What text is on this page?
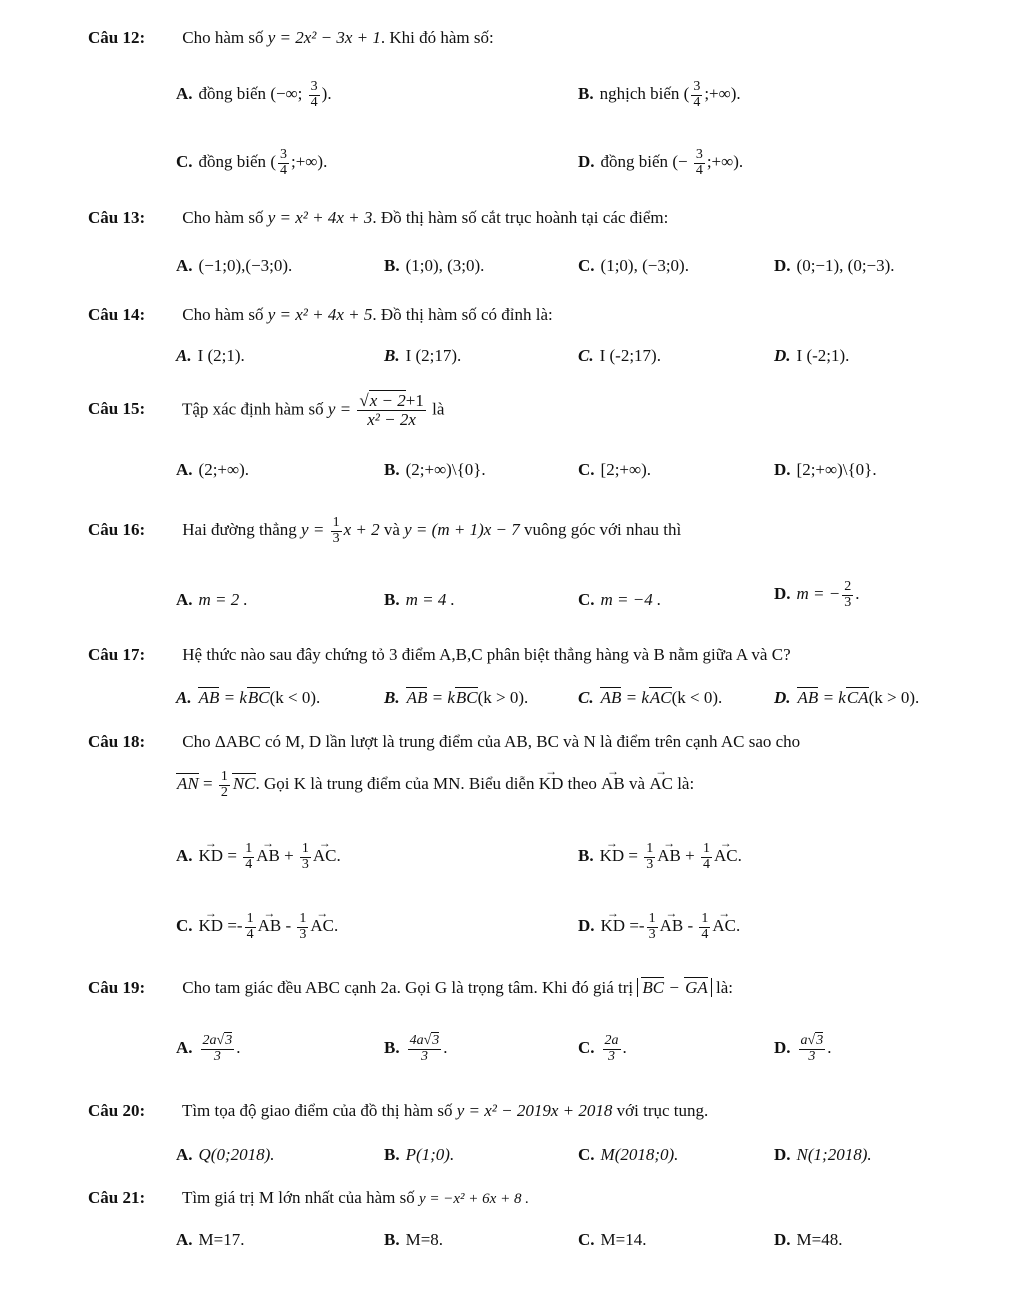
Câu 12: Cho hàm số y = 2x² − 3x + 1. Khi đó hàm số:
A. đồng biến (−∞; $\frac{3}{4}$ ).	B. nghịch biến ( $\frac{3}{4}$ ;+∞).
C. đồng biến ( $\frac{3}{4}$ ;+∞).	D. đồng biến (− $\frac{3}{4}$ ;+∞).
Câu 13: Cho hàm số y = x² + 4x + 3. Đồ thị hàm số cắt trục hoành tại các điểm:
A. (−1;0),(−3;0).	B. (1;0), (3;0).	C. (1;0), (−3;0).	D. (0;−1), (0;−3).
Câu 14: Cho hàm số y = x² + 4x + 5. Đồ thị hàm số có đỉnh là:
A. I (2;1).	B. I (2;17).	C. I (-2;17).	D. I (-2;1).
Câu 15: Tập xác định hàm số $y = \frac{√x - 2+1}{\text{x² − 2x}}$ là
A. (2;+∞).	B. (2;+∞)\{0}.	C. [2;+∞).	D. [2;+∞)\{0}.
Câu 16: Hai đường thẳng $y = \frac{1}{3}$ x + 2 và y = (m + 1)x − 7 vuông góc với nhau thì
A. m = 2 .	B. m = 4 .	C. m = −4 .	D. m = − $\frac{2}{3}$ .
Câu 17: Hệ thức nào sau đây chứng tỏ 3 điểm A,B,C phân biệt thẳng hàng và B nằm giữa A và C?
A. AB = kBC(k < 0).	B. AB = kBC(k > 0).	C. AB = kAC(k < 0).	D. AB = kCA(k > 0).
Câu 18: Cho ΔABC có M, D lần lượt là trung điểm của AB, BC và N là điểm trên cạnh AC sao cho
AN = $\frac{1}{2}$ NC. Gọi K là trung điểm của MN. Biểu diễn KD
→
theo AB
→
và AC
→
là:
A. KD
→
= $\frac{1}{4}$ AB
→
+ $\frac{1}{3}$ AC
→
.	B. KD
→
= $\frac{1}{3}$ AB
→
+ $\frac{1}{4}$ AC
→
.
C. KD
→
=- $\frac{1}{4}$ AB
→
- $\frac{1}{3}$ AC
→
.	D. KD
→
=- $\frac{1}{3}$ AB
→
- $\frac{1}{4}$ AC
→
.
Câu 19: Cho tam giác đều ABC cạnh 2a. Gọi G là trọng tâm. Khi đó giá trị BC − GA là:
A. $\frac{2a√3}{3}$ .	B. $\frac{4a√3}{3}$ .	C. $\frac{2a}{3}$ .	D. $\frac{a√3}{3}$ .
Câu 20: Tìm tọa độ giao điểm của đồ thị hàm số y = x² − 2019x + 2018 với trục tung.
A. Q(0;2018).	B. P(1;0).	C. M(2018;0).	D. N(1;2018).
Câu 21: Tìm giá trị M lớn nhất của hàm số y = −x² + 6x + 8 .
A. M=17.	B. M=8.	C. M=14.	D. M=48.
